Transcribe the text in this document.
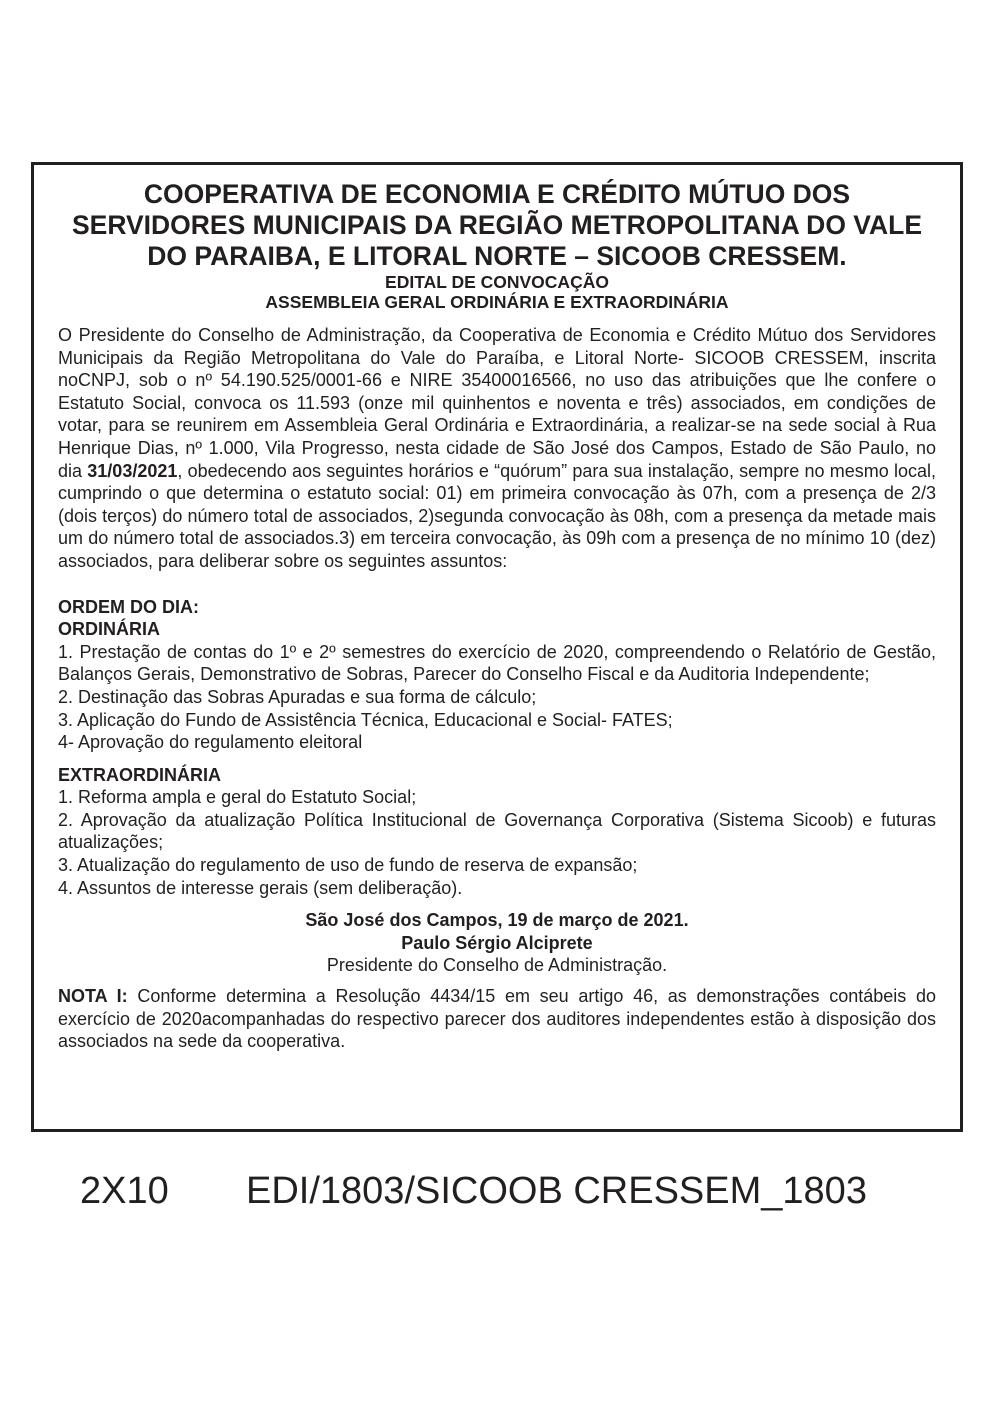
COOPERATIVA DE ECONOMIA E CRÉDITO MÚTUO DOS

SERVIDORES MUNICIPAIS DA REGIÃO METROPOLITANA DO VALE

DO PARAIBA, E LITORAL NORTE – SICOOB CRESSEM.

EDITAL DE CONVOCAÇÃO

ASSEMBLEIA GERAL ORDINÁRIA E EXTRAORDINÁRIA

O Presidente do Conselho de Administração, da Cooperativa de Economia e Crédito Mútuo dos Servidores Municipais da Região Metropolitana do Vale do Paraíba, e Litoral Norte- SICOOB CRESSEM, inscrita noCNPJ, sob o nº 54.190.525/0001-66 e NIRE 35400016566, no uso das atribuições que lhe confere o Estatuto Social, convoca os 11.593 (onze mil quinhentos e noventa e três) associados, em condições de votar, para se reunirem em Assembleia Geral Ordinária e Extraordinária, a realizar-se na sede social à Rua Henrique Dias, nº 1.000, Vila Progresso, nesta cidade de São José dos Campos, Estado de São Paulo, no dia 31/03/2021, obedecendo aos seguintes horários e “quórum” para sua instalação, sempre no mesmo local, cumprindo o que determina o estatuto social: 01) em primeira convocação às 07h, com a presença de 2/3 (dois terços) do número total de associados, 2)segunda convocação às 08h, com a presença da metade mais um do número total de associados.3) em terceira convocação, às 09h com a presença de no mínimo 10 (dez) associados, para deliberar sobre os seguintes assuntos:

ORDEM DO DIA:

ORDINÁRIA

1. Prestação de contas do 1º e 2º semestres do exercício de 2020, compreendendo o Relatório de Gestão, Balanços Gerais, Demonstrativo de Sobras, Parecer do Conselho Fiscal e da Auditoria Independente;

2. Destinação das Sobras Apuradas e sua forma de cálculo;

3. Aplicação do Fundo de Assistência Técnica, Educacional e Social- FATES;

4- Aprovação do regulamento eleitoral

EXTRAORDINÁRIA

1. Reforma ampla e geral do Estatuto Social;

2. Aprovação da atualização Política Institucional de Governança Corporativa (Sistema Sicoob) e futuras atualizações;

3. Atualização do regulamento de uso de fundo de reserva de expansão;

4. Assuntos de interesse gerais (sem deliberação).

São José dos Campos, 19 de março de 2021.

Paulo Sérgio Alciprete

Presidente do Conselho de Administração.

NOTA I: Conforme determina a Resolução 4434/15 em seu artigo 46, as demonstrações contábeis do exercício de 2020acompanhadas do respectivo parecer dos auditores independentes estão à disposição dos associados na sede da cooperativa.

2X10 EDI/1803/SICOOB CRESSEM_1803
